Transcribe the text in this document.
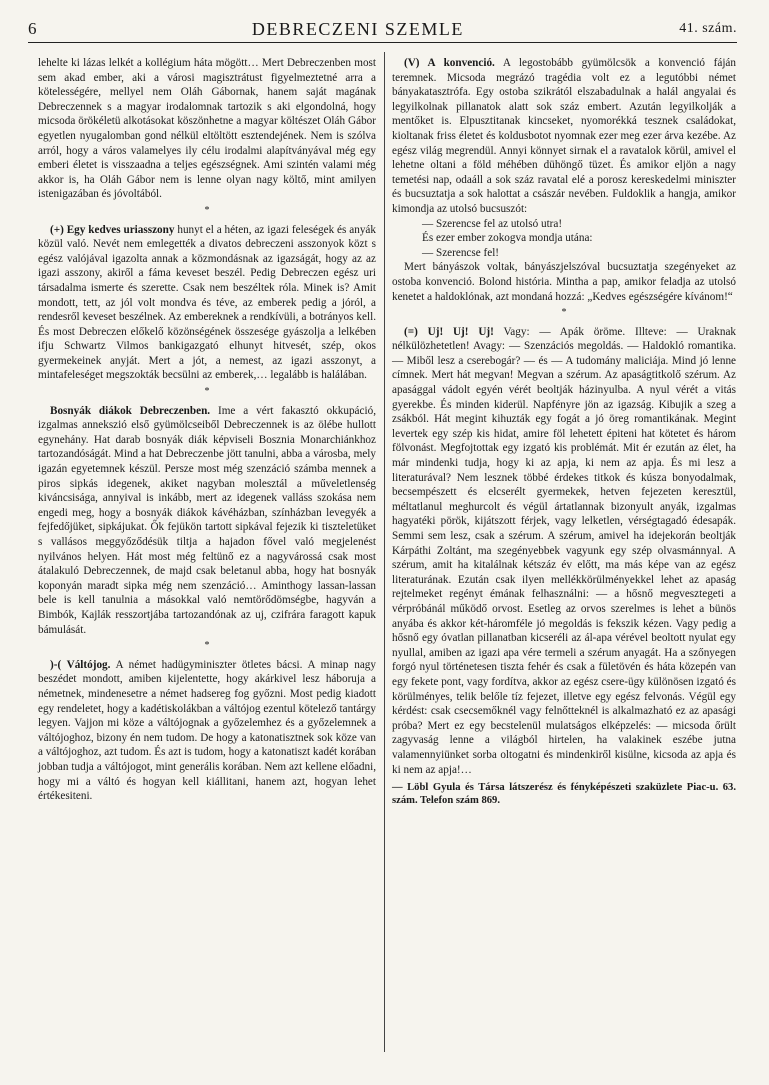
6	DEBRECZENI SZEMLE	41. szám.

lehelte ki lázas lelkét a kollégium háta mögött… Mert Debreczenben most sem akad ember, aki a városi magisztrátust figyelmeztetné arra a kötelességére, mellyel nem Oláh Gábornak, hanem saját magának Debreczennek s a magyar irodalomnak tartozik s aki elgondolná, hogy micsoda örökéletü alkotásokat köszönhetne a magyar költészet Oláh Gábor egyetlen nyugalomban gond nélkül eltöltött esztendejének. Nem is szólva arról, hogy a város valamelyes ily célu irodalmi alapítványával még egy emberi életet is visszaadna a teljes egészségnek. Ami szintén valami még akkor is, ha Oláh Gábor nem is lenne olyan nagy költő, mint amilyen istenigazában és jóvoltából.

*

(+) Egy kedves uriasszony hunyt el a héten, az igazi feleségek és anyák közül való. Nevét nem emlegették a divatos debreczeni asszonyok közt s egész valójával igazolta annak a közmondásnak az igazságát, hogy az az igazi asszony, akiről a fáma keveset beszél. Pedig Debreczen egész uri társadalma ismerte és szerette. Csak nem beszéltek róla. Minek is? Amit mondott, tett, az jól volt mondva és téve, az emberek pedig a jóról, a rendesről keveset beszélnek. Az embereknek a rendkívüli, a botrányos kell. És most Debreczen előkelő közönségének összesége gyászolja a lelkében ifju Schwartz Vilmos bankigazgató elhunyt hitvesét, szép, okos gyermekeinek anyját. Mert a jót, a nemest, az igazi asszonyt, a mintafeleséget megszokták becsülni az emberek,… legalább is halálában.

*

Bosnyák diákok Debreczenben. Ime a vért fakasztó okkupáció, izgalmas annekszió első gyümölcseiből Debreczennek is az ölébe hullott egynehány. Hat darab bosnyák diák képviseli Bosznia Monarchiánkhoz tartozandóságát. Mind a hat Debreczenbe jött tanulni, abba a városba, mely igazán egyetemnek készül. Persze most még szenzáció számba mennek a piros sipkás idegenek, akiket nagyban molesztál a műveletlenség kiváncsisága, annyival is inkább, mert az idegenek valláss szokása nem engedi meg, hogy a bosnyák diákok kávéházban, színházban levegyék a fejfedőjüket, sipkájukat. Ők fejükön tartott sipkával fejezik ki tiszteletüket s vallásos meggyőződésük tiltja a hajadon fővel való megjelenést nyilvános helyen. Hát most még feltünő ez a nagyvárossá csak most átalakuló Debreczennek, de majd csak beletanul abba, hogy hat bosnyák koponyán maradt sipka még nem szenzáció… Aminthogy lassan-lassan bele is kell tanulnia a másokkal való nemtörődömségbe, hagyván a Bimbók, Kajlák resszortjába tartozandónak az uj, czifrára faragott kapuk bámulását.

*

)-( Váltójog. A német hadügyminiszter ötletes bácsi. A minap nagy beszédet mondott, amiben kijelentette, hogy akárkivel lesz háboruja a németnek, mindenesetre a német hadsereg fog győzni. Most pedig kiadott egy rendeletet, hogy a kadétiskolákban a váltójog ezentul kötelező tantárgy legyen. Vajjon mi köze a váltójognak a győzelemhez és a győzelemnek a váltójoghoz, bizony én nem tudom. De hogy a katonatisztnek sok köze van a váltójoghoz, azt tudom. És azt is tudom, hogy a katonatiszt kadét korában jobban tudja a váltójogot, mint generális korában. Nem azt kellene előadni, hogy mi a váltó és hogyan kell kiállitani, hanem azt, hogyan lehet értékesiteni.

(V) A konvenció. A legostobább gyümölcsök a konvenció fáján teremnek. Micsoda megrázó tragédia volt ez a legutóbbi német bányakatasztrófa. Egy ostoba szikrától elszabadulnak a halál angyalai és legyilkolnak pillanatok alatt sok száz embert. Azután legyilkolják a mentőket is. Elpusztitanak kincseket, nyomorékká tesznek családokat, kioltanak friss életet és koldusbotot nyomnak ezer meg ezer árva kezébe. Az egész világ megrendül. Annyi könnyet sirnak el a ravatalok körül, amivel el lehetne oltani a föld méhében dühöngő tüzet. És amikor eljön a nagy temetési nap, odaáll a sok száz ravatal elé a porosz kereskedelmi miniszter és bucsuztatja a sok halottat a császár nevében. Fuldoklik a hangja, amikor kimondja az utolsó bucsuszót:

— Szerencse fel az utolsó utra!

És ezer ember zokogva mondja utána:

— Szerencse fel!

Mert bányászok voltak, bányászjelszóval bucsuztatja szegényeket az ostoba konvenció. Bolond história. Mintha a pap, amikor feladja az utolsó kenetet a haldoklónak, azt mondaná hozzá: „Kedves egészségére kívánom!“

*

(=) Uj! Uj! Uj! Vagy: — Apák öröme. Illteve: — Uraknak nélkülözhetetlen! Avagy: — Szenzációs megoldás. — Haldokló romantika. — Miből lesz a cserebogár? — és — A tudomány maliciája. Mind jó lenne címnek. Mert hát megvan! Megvan a szérum. Az apaságtitkolő szérum. Az apasággal vádolt egyén vérét beoltják házinyulba. A nyul vérét a vitás gyerekbe. És minden kiderül. Napfényre jön az igazság. Kibujik a szeg a zsákból. Hát megint kihuzták egy fogát a jó öreg romantikának. Megint levertek egy szép kis hidat, amire föl lehetett épiteni hat kötetet és három fölvonást. Megfojtottak egy izgató kis problémát. Mit ér ezután az élet, ha már mindenki tudja, hogy ki az apja, ki nem az apja. És mi lesz a literaturával? Nem lesznek többé érdekes titkok és kúsza bonyodalmak, becsempészett és elcserélt gyermekek, hetven fejezeten keresztül, méltatlanul meghurcolt és végül ártatlannak bizonyult anyák, izgalmas hagyatéki pörök, kijátszott férjek, vagy lelketlen, vérségtagadó édesapák. Semmi sem lesz, csak a szérum. A szérum, amivel ha idejekorán beoltják Kárpáthi Zoltánt, ma szegényebbek vagyunk egy szép olvasmánnyal. A szérum, amit ha kitalálnak kétszáz év előtt, ma más képe van az egész literaturának. Ezután csak ilyen mellékkörülményekkel lehet az apaság rejtelmeket regényt émának felhasználni: — a hősnő megvesztegeti a vérpróbánál működő orvost. Esetleg az orvos szerelmes is lehet a bünös anyába és akkor két-háromféle jó megoldás is fekszik kézen. Vagy pedig a hősnő egy óvatlan pillanatban kicseréli az ál-apa vérével beoltott nyulat egy nyullal, amiben az igazi apa vére termeli a szérum anyagát. Ha a szőnyegen forgó nyul történetesen tiszta fehér és csak a fületövén és háta közepén van egy fekete pont, vagy fordítva, akkor az egész csere-ügy különösen izgató és körülményes, telik belőle tíz fejezet, illetve egy egész felvonás. Végül egy kérdést: csak csecsemőknél vagy felnőtteknél is alkalmazható ez az apasági próba? Mert ez egy becstelenül mulatságos elképzelés: — micsoda őrült zagyvaság lenne a világból hirtelen, ha valakinek eszébe jutna valamennyiünket sorba oltogatni és mindenkiről kisülne, kicsoda az apja és ki nem az apja!…

— Löbl Gyula és Társa látszerész és fényképészeti szaküzlete Piac-u. 63. szám. Telefon szám 869.
